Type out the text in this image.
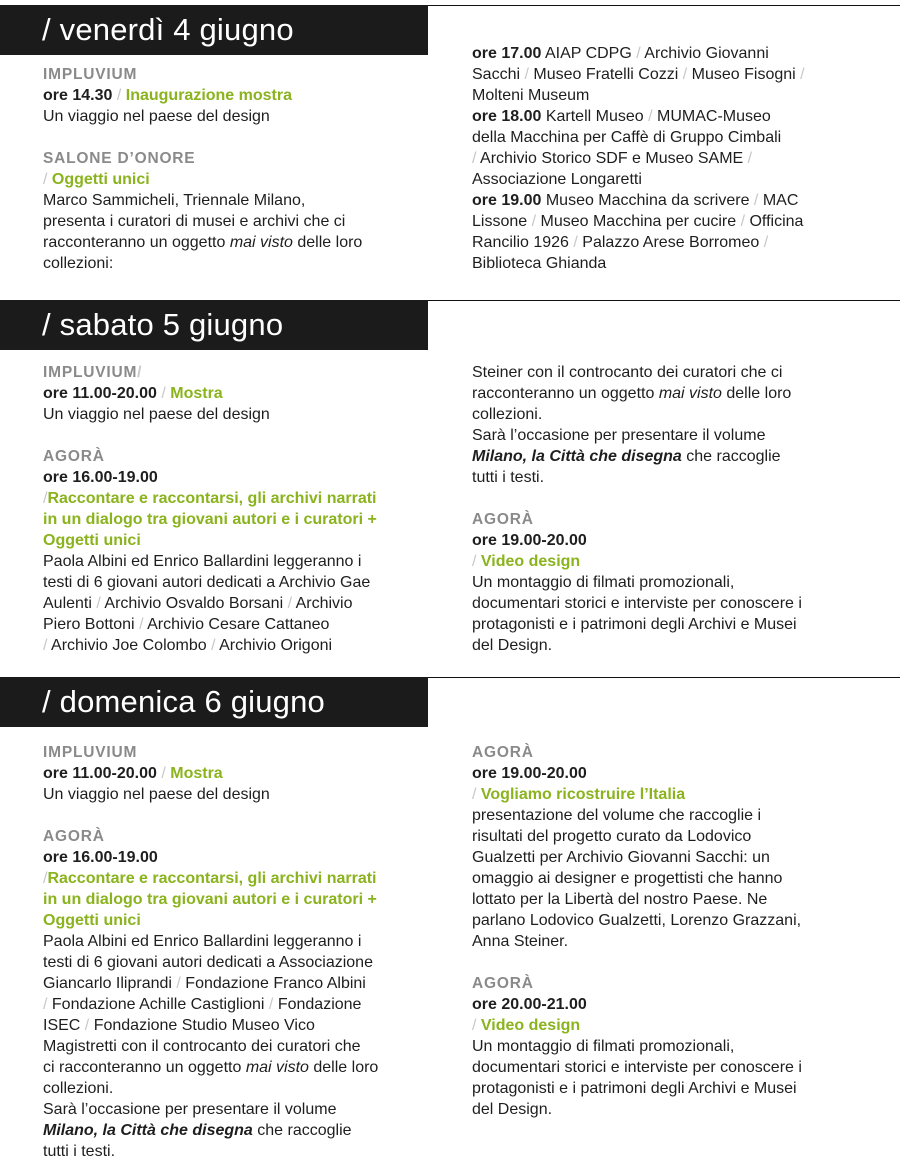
/ venerdì 4 giugno

IMPLUVIUM

ore 14.30 / Inaugurazione mostra

Un viaggio nel paese del design

SALONE D’ONORE

/ Oggetti unici

Marco Sammicheli, Triennale Milano,

presenta i curatori di musei e archivi che ci

racconteranno un oggetto mai visto delle loro

collezioni:

ore 17.00 AIAP CDPG / Archivio Giovanni

Sacchi / Museo Fratelli Cozzi / Museo Fisogni /

Molteni Museum

ore 18.00 Kartell Museo / MUMAC-Museo

della Macchina per Caffè di Gruppo Cimbali

/ Archivio Storico SDF e Museo SAME /

Associazione Longaretti

ore 19.00 Museo Macchina da scrivere / MAC

Lissone / Museo Macchina per cucire / Officina

Rancilio 1926 / Palazzo Arese Borromeo /

Biblioteca Ghianda

/ sabato 5 giugno

IMPLUVIUM/

ore 11.00-20.00 / Mostra

Un viaggio nel paese del design

AGORÀ

ore 16.00-19.00

/Raccontare e raccontarsi, gli archivi narrati

in un dialogo tra giovani autori e i curatori +

Oggetti unici

Paola Albini ed Enrico Ballardini leggeranno i

testi di 6 giovani autori dedicati a Archivio Gae

Aulenti / Archivio Osvaldo Borsani / Archivio

Piero Bottoni / Archivio Cesare Cattaneo

/ Archivio Joe Colombo / Archivio Origoni

Steiner con il controcanto dei curatori che ci

racconteranno un oggetto mai visto delle loro

collezioni.

Sarà l’occasione per presentare il volume

Milano, la Città che disegna che raccoglie

tutti i testi.

AGORÀ

ore 19.00-20.00

/ Video design

Un montaggio di filmati promozionali,

documentari storici e interviste per conoscere i

protagonisti e i patrimoni degli Archivi e Musei

del Design.

/ domenica 6 giugno

IMPLUVIUM

ore 11.00-20.00 / Mostra

Un viaggio nel paese del design

AGORÀ

ore 16.00-19.00

/Raccontare e raccontarsi, gli archivi narrati

in un dialogo tra giovani autori e i curatori +

Oggetti unici

Paola Albini ed Enrico Ballardini leggeranno i

testi di 6 giovani autori dedicati a Associazione

Giancarlo Iliprandi / Fondazione Franco Albini

/ Fondazione Achille Castiglioni / Fondazione

ISEC / Fondazione Studio Museo Vico

Magistretti con il controcanto dei curatori che

ci racconteranno un oggetto mai visto delle loro

collezioni.

Sarà l’occasione per presentare il volume

Milano, la Città che disegna che raccoglie

tutti i testi.

AGORÀ

ore 19.00-20.00

/ Vogliamo ricostruire l’Italia

presentazione del volume che raccoglie i

risultati del progetto curato da Lodovico

Gualzetti per Archivio Giovanni Sacchi: un

omaggio ai designer e progettisti che hanno

lottato per la Libertà del nostro Paese. Ne

parlano Lodovico Gualzetti, Lorenzo Grazzani,

Anna Steiner.

AGORÀ

ore 20.00-21.00

/ Video design

Un montaggio di filmati promozionali,

documentari storici e interviste per conoscere i

protagonisti e i patrimoni degli Archivi e Musei

del Design.
